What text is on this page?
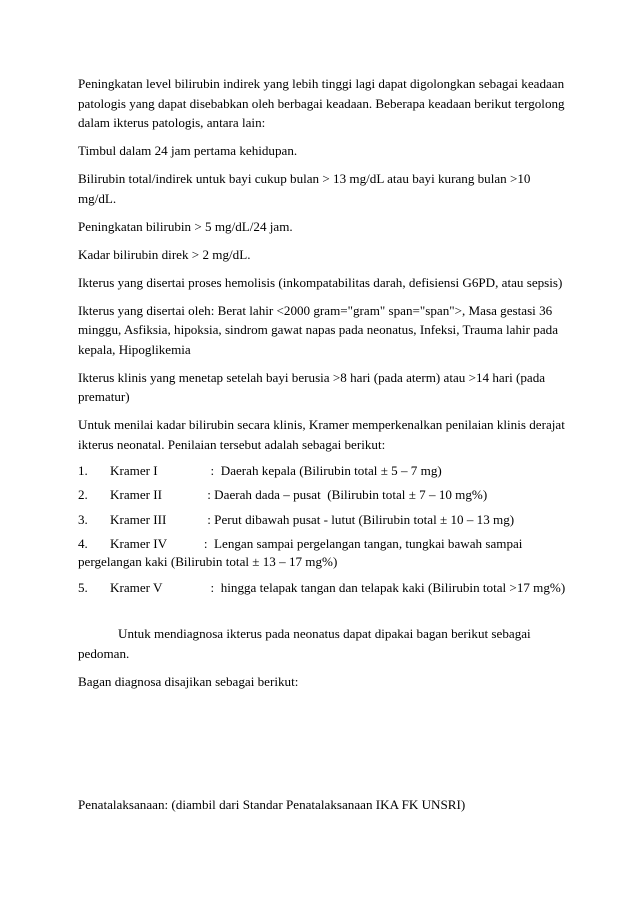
Peningkatan level bilirubin indirek yang lebih tinggi lagi dapat digolongkan sebagai keadaan patologis yang dapat disebabkan oleh berbagai keadaan. Beberapa keadaan berikut tergolong dalam ikterus patologis, antara lain:

Timbul dalam 24 jam pertama kehidupan.

Bilirubin total/indirek untuk bayi cukup bulan > 13 mg/dL atau bayi kurang bulan >10 mg/dL.

Peningkatan bilirubin > 5 mg/dL/24 jam.

Kadar bilirubin direk > 2 mg/dL.

Ikterus yang disertai proses hemolisis (inkompatabilitas darah, defisiensi G6PD, atau sepsis)

Ikterus yang disertai oleh: Berat lahir <2000 gram="gram" span="span">, Masa gestasi 36 minggu, Asfiksia, hipoksia, sindrom gawat napas pada neonatus, Infeksi, Trauma lahir pada kepala, Hipoglikemia

Ikterus klinis yang menetap setelah bayi berusia >8 hari (pada aterm) atau >14 hari (pada prematur)

Untuk menilai kadar bilirubin secara klinis, Kramer memperkenalkan penilaian klinis derajat ikterus neonatal. Penilaian tersebut adalah sebagai berikut:

1.	Kramer I	:  Daerah kepala (Bilirubin total ± 5 – 7 mg)
2.	Kramer II	: Daerah dada – pusat  (Bilirubin total ± 7 – 10 mg%)
3.	Kramer III	: Perut dibawah pusat - lutut (Bilirubin total ± 10 – 13 mg)
4.	Kramer IV	:  Lengan sampai pergelangan tangan, tungkai bawah sampai

pergelangan kaki (Bilirubin total ± 13 – 17 mg%)

5.	Kramer V	:  hingga telapak tangan dan telapak kaki (Bilirubin total >17 mg%)

Untuk mendiagnosa ikterus pada neonatus dapat dipakai bagan berikut sebagai pedoman.

Bagan diagnosa disajikan sebagai berikut:

Penatalaksanaan: (diambil dari Standar Penatalaksanaan IKA FK UNSRI)
